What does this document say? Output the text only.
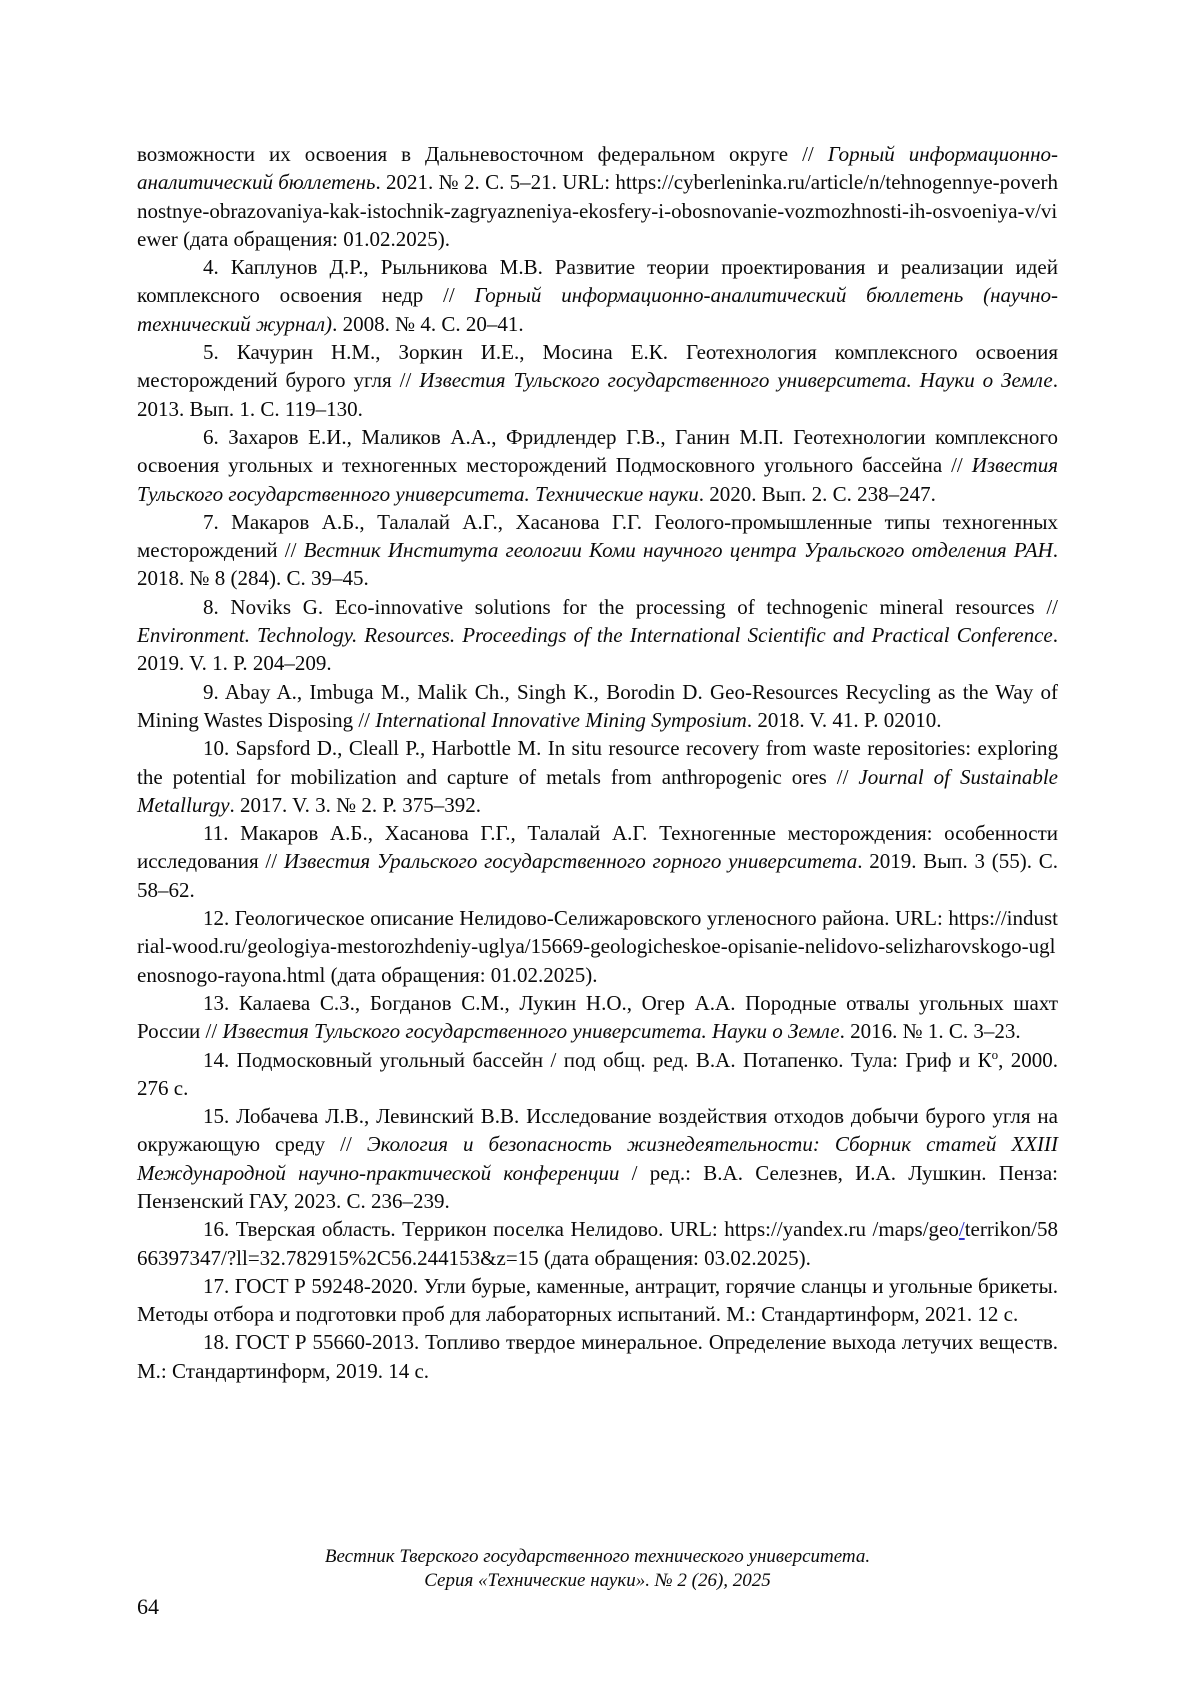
возможности их освоения в Дальневосточном федеральном округе // Горный информационно-аналитический бюллетень. 2021. № 2. С. 5–21. URL: https://cyberleninka.ru/article/n/tehnogennye-poverhnostnye-obrazovaniya-kak-istochnik-zagryazneniya-ekosfery-i-obosnovanie-vozmozhnosti-ih-osvoeniya-v/viewer (дата обращения: 01.02.2025).

4. Каплунов Д.Р., Рыльникова М.В. Развитие теории проектирования и реализации идей комплексного освоения недр // Горный информационно-аналитический бюллетень (научно-технический журнал). 2008. № 4. С. 20–41.

5. Качурин Н.М., Зоркин И.Е., Мосина Е.К. Геотехнология комплексного освоения месторождений бурого угля // Известия Тульского государственного университета. Науки о Земле. 2013. Вып. 1. С. 119–130.

6. Захаров Е.И., Маликов А.А., Фридлендер Г.В., Ганин М.П. Геотехнологии комплексного освоения угольных и техногенных месторождений Подмосковного угольного бассейна // Известия Тульского государственного университета. Технические науки. 2020. Вып. 2. С. 238–247.

7. Макаров А.Б., Талалай А.Г., Хасанова Г.Г. Геолого-промышленные типы техногенных месторождений // Вестник Института геологии Коми научного центра Уральского отделения РАН. 2018. № 8 (284). С. 39–45.

8. Noviks G. Eco-innovative solutions for the processing of technogenic mineral resources // Environment. Technology. Resources. Proceedings of the International Scientific and Practical Conference. 2019. V. 1. P. 204–209.

9. Abay A., Imbuga M., Malik Ch., Singh K., Borodin D. Geo-Resources Recycling as the Way of Mining Wastes Disposing // International Innovative Mining Symposium. 2018. V. 41. P. 02010.

10. Sapsford D., Cleall P., Harbottle M. In situ resource recovery from waste repositories: exploring the potential for mobilization and capture of metals from anthropogenic ores // Journal of Sustainable Metallurgy. 2017. V. 3. № 2. P. 375–392.

11. Макаров А.Б., Хасанова Г.Г., Талалай А.Г. Техногенные месторождения: особенности исследования // Известия Уральского государственного горного университета. 2019. Вып. 3 (55). С. 58–62.

12. Геологическое описание Нелидово-Селижаровского угленосного района. URL: https://industrial-wood.ru/geologiya-mestorozhdeniy-uglya/15669-geologicheskoe-opisanie-nelidovo-selizharovskogo-uglenosnogo-rayona.html (дата обращения: 01.02.2025).

13. Калаева С.З., Богданов С.М., Лукин Н.О., Огер А.А. Породные отвалы угольных шахт России // Известия Тульского государственного университета. Науки о Земле. 2016. № 1. С. 3–23.

14. Подмосковный угольный бассейн / под общ. ред. В.А. Потапенко. Тула: Гриф и $К^о$, 2000. 276 с.

15. Лобачева Л.В., Левинский В.В. Исследование воздействия отходов добычи бурого угля на окружающую среду // Экология и безопасность жизнедеятельности: Сборник статей XXIII Международной научно-практической конференции / ред.: В.А. Селезнев, И.А. Лушкин. Пенза: Пензенский ГАУ, 2023. С. 236–239.

16. Тверская область. Террикон поселка Нелидово. URL: https://yandex.ru /maps/geo/terrikon/5866397347/?ll=32.782915%2C56.244153&z=15 (дата обращения: 03.02.2025).

17. ГОСТ Р 59248-2020. Угли бурые, каменные, антрацит, горячие сланцы и угольные брикеты. Методы отбора и подготовки проб для лабораторных испытаний. М.: Стандартинформ, 2021. 12 с.

18. ГОСТ Р 55660-2013. Топливо твердое минеральное. Определение выхода летучих веществ. М.: Стандартинформ, 2019. 14 с.

Вестник Тверского государственного технического университета.
Серия «Технические науки». № 2 (26), 2025
64
